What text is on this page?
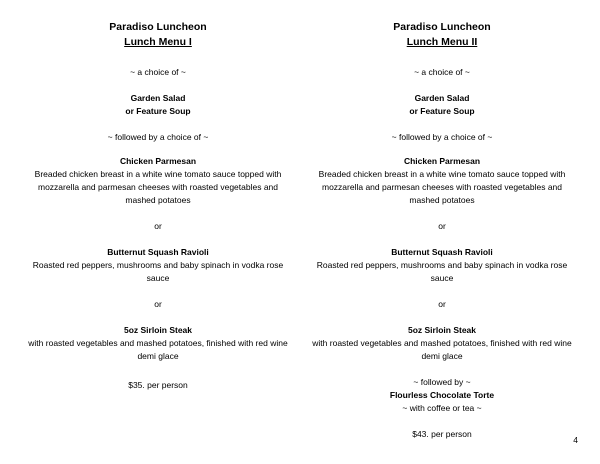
Paradiso Luncheon

Lunch Menu I

~ a choice of ~

Garden Salad

or Feature Soup

~ followed by a choice of ~

Chicken Parmesan

Breaded chicken breast in a white wine tomato sauce topped with mozzarella and parmesan cheeses with roasted vegetables and mashed potatoes

or

Butternut Squash Ravioli

Roasted red peppers, mushrooms and baby spinach in vodka rose sauce

or

5oz Sirloin Steak

with roasted vegetables and mashed potatoes, finished with red wine demi glace

$35. per person

Paradiso Luncheon

Lunch Menu II

~ a choice of ~

Garden Salad

or Feature Soup

~ followed by a choice of ~

Chicken Parmesan

Breaded chicken breast in a white wine tomato sauce topped with mozzarella and parmesan cheeses with roasted vegetables and mashed potatoes

or

Butternut Squash Ravioli

Roasted red peppers, mushrooms and baby spinach in vodka rose sauce

or

5oz Sirloin Steak

with roasted vegetables and mashed potatoes, finished with red wine demi glace

~ followed by ~

Flourless Chocolate Torte

~ with coffee or tea ~

$43. per person

4
